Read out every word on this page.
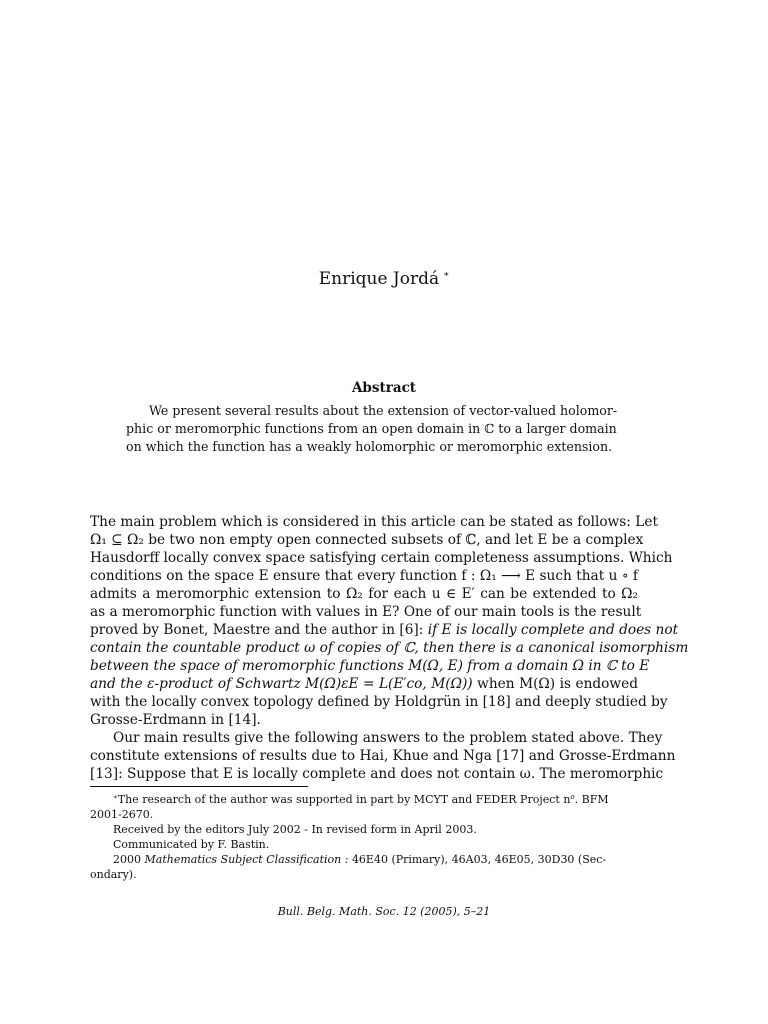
Enrique Jordá ∗
Abstract
We present several results about the extension of vector-valued holomor-
phic or meromorphic functions from an open domain in ℂ to a larger domain
on which the function has a weakly holomorphic or meromorphic extension.
The main problem which is considered in this article can be stated as follows: Let
Ω₁ ⊆ Ω₂ be two non empty open connected subsets of ℂ, and let E be a complex
Hausdorff locally convex space satisfying certain completeness assumptions. Which
conditions on the space E ensure that every function f : Ω₁ ⟶ E such that u ∘ f
admits a meromorphic extension to Ω₂ for each u ∈ E′ can be extended to Ω₂
as a meromorphic function with values in E? One of our main tools is the result
proved by Bonet, Maestre and the author in [6]: if E is locally complete and does not
contain the countable product ω of copies of ℂ, then there is a canonical isomorphism
between the space of meromorphic functions M(Ω, E) from a domain Ω in ℂ to E
and the ε-product of Schwartz M(Ω)εE = L(E′co, M(Ω)) when M(Ω) is endowed
with the locally convex topology defined by Holdgrün in [18] and deeply studied by
Grosse-Erdmann in [14].
Our main results give the following answers to the problem stated above. They
constitute extensions of results due to Hai, Khue and Nga [17] and Grosse-Erdmann
[13]: Suppose that E is locally complete and does not contain ω. The meromorphic
∗The research of the author was supported in part by MCYT and FEDER Project $n^o$. BFM
2001-2670.
Received by the editors July 2002 - In revised form in April 2003.
Communicated by F. Bastin.
2000 Mathematics Subject Classification : 46E40 (Primary), 46A03, 46E05, 30D30 (Sec-
ondary).
Bull. Belg. Math. Soc. 12 (2005), 5–21
